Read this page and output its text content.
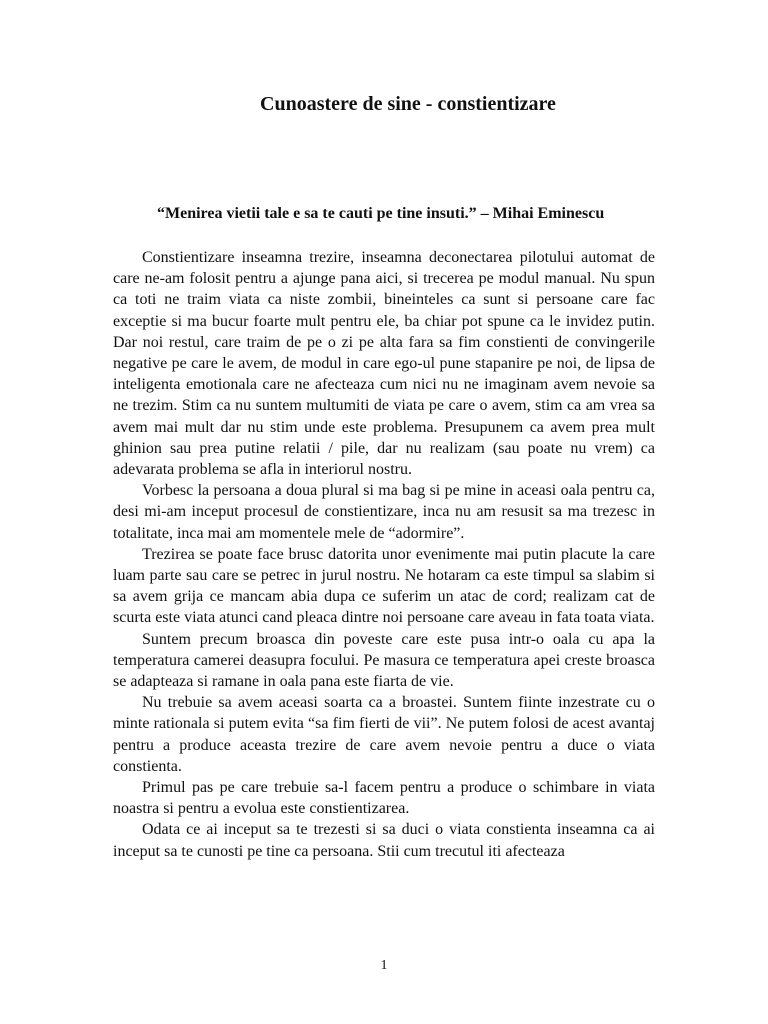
Cunoastere de sine - constientizare

“Menirea vietii tale e sa te cauti pe tine insuti.” – Mihai Eminescu

Constientizare inseamna trezire, inseamna deconectarea pilotului automat de care ne-am folosit pentru a ajunge pana aici, si trecerea pe modul manual. Nu spun ca toti ne traim viata ca niste zombii, bineinteles ca sunt si persoane care fac exceptie si ma bucur foarte mult pentru ele, ba chiar pot spune ca le invidez putin. Dar noi restul, care traim de pe o zi pe alta fara sa fim constienti de convingerile negative pe care le avem, de modul in care ego-ul pune stapanire pe noi, de lipsa de inteligenta emotionala care ne afecteaza cum nici nu ne imaginam avem nevoie sa ne trezim. Stim ca nu suntem multumiti de viata pe care o avem, stim ca am vrea sa avem mai mult dar nu stim unde este problema. Presupunem ca avem prea mult ghinion sau prea putine relatii / pile, dar nu realizam (sau poate nu vrem) ca adevarata problema se afla in interiorul nostru.

Vorbesc la persoana a doua plural si ma bag si pe mine in aceasi oala pentru ca, desi mi-am inceput procesul de constientizare, inca nu am resusit sa ma trezesc in totalitate, inca mai am momentele mele de “adormire”.

Trezirea se poate face brusc datorita unor evenimente mai putin placute la care luam parte sau care se petrec in jurul nostru. Ne hotaram ca este timpul sa slabim si sa avem grija ce mancam abia dupa ce suferim un atac de cord; realizam cat de scurta este viata atunci cand pleaca dintre noi persoane care aveau in fata toata viata.

Suntem precum broasca din poveste care este pusa intr-o oala cu apa la temperatura camerei deasupra focului. Pe masura ce temperatura apei creste broasca se adapteaza si ramane in oala pana este fiarta de vie.

Nu trebuie sa avem aceasi soarta ca a broastei. Suntem fiinte inzestrate cu o minte rationala si putem evita “sa fim fierti de vii”. Ne putem folosi de acest avantaj pentru a produce aceasta trezire de care avem nevoie pentru a duce o viata constienta.

Primul pas pe care trebuie sa-l facem pentru a produce o schimbare in viata noastra si pentru a evolua este constientizarea.

Odata ce ai inceput sa te trezesti si sa duci o viata constienta inseamna ca ai inceput sa te cunosti pe tine ca persoana. Stii cum trecutul iti afecteaza

1
